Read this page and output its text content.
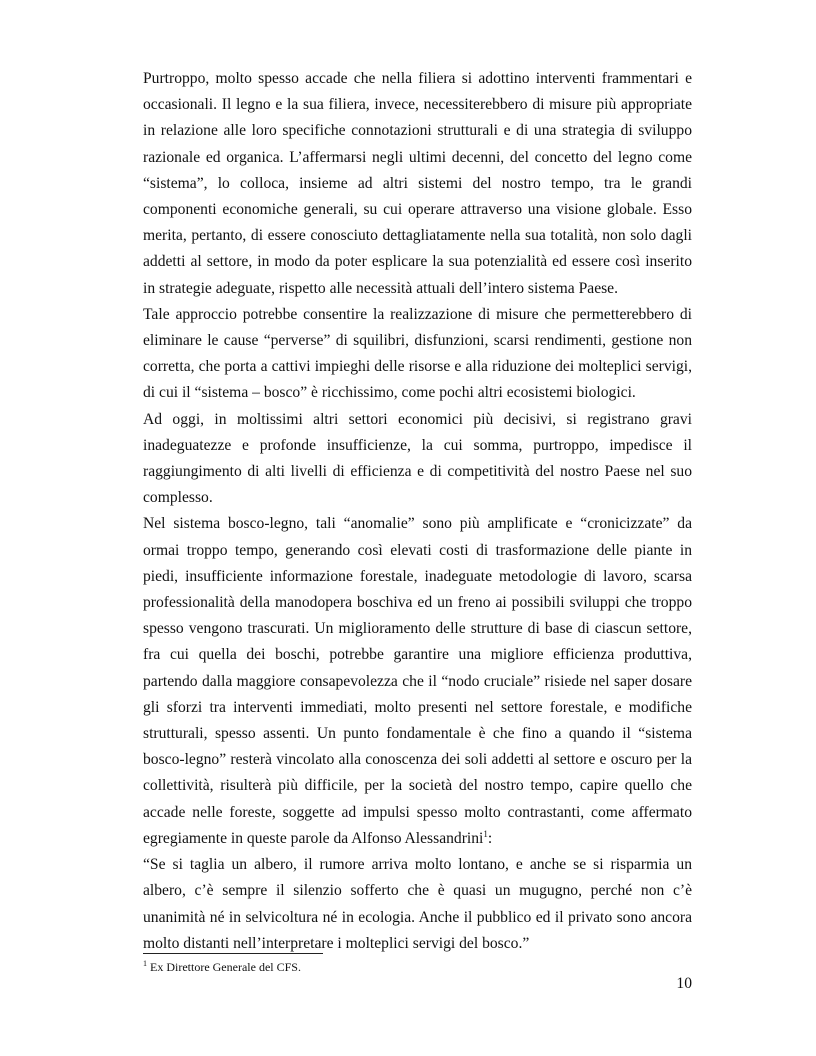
Purtroppo, molto spesso accade che nella filiera si adottino interventi frammentari e occasionali. Il legno e la sua filiera, invece, necessiterebbero di misure più appropriate in relazione alle loro specifiche connotazioni strutturali e di una strategia di sviluppo razionale ed organica. L’affermarsi negli ultimi decenni, del concetto del legno come “sistema”, lo colloca, insieme ad altri sistemi del nostro tempo, tra le grandi componenti economiche generali, su cui operare attraverso una visione globale. Esso merita, pertanto, di essere conosciuto dettagliatamente nella sua totalità, non solo dagli addetti al settore, in modo da poter esplicare la sua potenzialità ed essere così inserito in strategie adeguate, rispetto alle necessità attuali dell’intero sistema Paese.

Tale approccio potrebbe consentire la realizzazione di misure che permetterebbero di eliminare le cause “perverse” di squilibri, disfunzioni, scarsi rendimenti, gestione non corretta, che porta a cattivi impieghi delle risorse e alla riduzione dei molteplici servigi, di cui il “sistema – bosco” è ricchissimo, come pochi altri ecosistemi biologici.

Ad oggi, in moltissimi altri settori economici più decisivi, si registrano gravi inadeguatezze e profonde insufficienze, la cui somma, purtroppo, impedisce il raggiungimento di alti livelli di efficienza e di competitività del nostro Paese nel suo complesso.

Nel sistema bosco-legno, tali “anomalie” sono più amplificate e “cronicizzate” da ormai troppo tempo, generando così elevati costi di trasformazione delle piante in piedi, insufficiente informazione forestale, inadeguate metodologie di lavoro, scarsa professionalità della manodopera boschiva ed un freno ai possibili sviluppi che troppo spesso vengono trascurati. Un miglioramento delle strutture di base di ciascun settore, fra cui quella dei boschi, potrebbe garantire una migliore efficienza produttiva, partendo dalla maggiore consapevolezza che il “nodo cruciale” risiede nel saper dosare gli sforzi tra interventi immediati, molto presenti nel settore forestale, e modifiche strutturali, spesso assenti. Un punto fondamentale è che fino a quando il “sistema bosco-legno” resterà vincolato alla conoscenza dei soli addetti al settore e oscuro per la collettività, risulterà più difficile, per la società del nostro tempo, capire quello che accade nelle foreste, soggette ad impulsi spesso molto contrastanti, come affermato egregiamente in queste parole da Alfonso Alessandrini$^1$:

“Se si taglia un albero, il rumore arriva molto lontano, e anche se si risparmia un albero, c’è sempre il silenzio sofferto che è quasi un mugugno, perché non c’è unanimità né in selvicoltura né in ecologia. Anche il pubblico ed il privato sono ancora molto distanti nell’interpretare i molteplici servigi del bosco.”

$^1$ Ex Direttore Generale del CFS.
10
